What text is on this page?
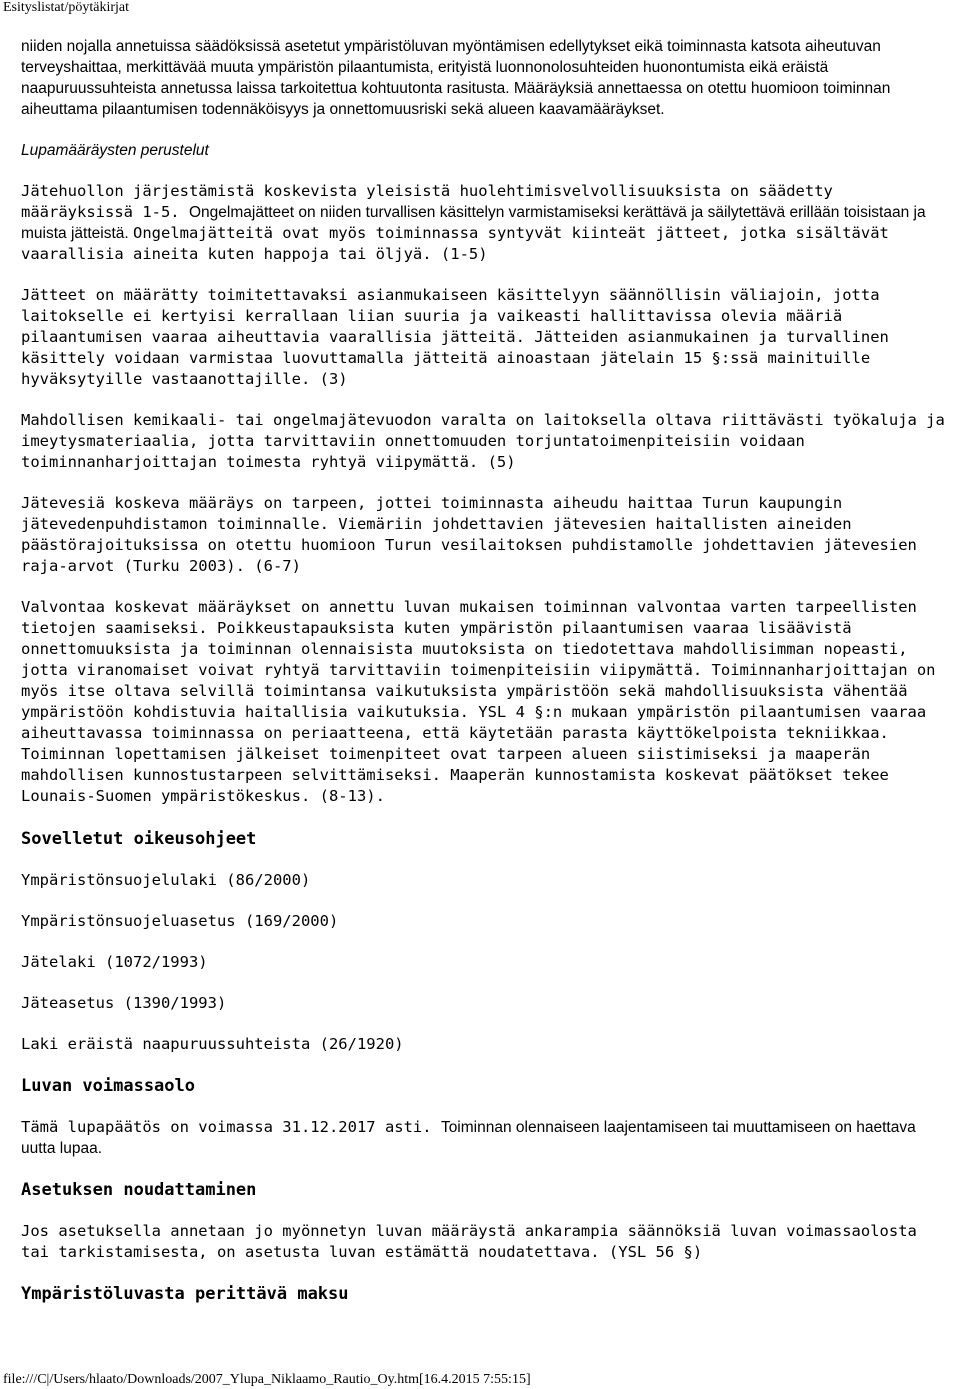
Esityslistat/pöytäkirjat

niiden nojalla annetuissa säädöksissä asetetut ympäristöluvan myöntämisen edellytykset eikä toiminnasta katsota aiheutuvan terveyshaittaa, merkittävää muuta ympäristön pilaantumista, erityistä luonnonolosuhteiden huonontumista eikä eräistä naapuruussuhteista annetussa laissa tarkoitettua kohtuutonta rasitusta. Määräyksiä annettaessa on otettu huomioon toiminnan aiheuttama pilaantumisen todennäköisyys ja onnettomuusriski sekä alueen kaavamääräykset.

Lupamääräysten perustelut

Jätehuollon järjestämistä koskevista yleisistä huolehtimisvelvollisuuksista on säädetty määräyksissä 1-5. Ongelmajätteet on niiden turvallisen käsittelyn varmistamiseksi kerättävä ja säilytettävä erillään toisistaan ja muista jätteistä. Ongelmajätteitä ovat myös toiminnassa syntyvät kiinteät jätteet, jotka sisältävät vaarallisia aineita kuten happoja tai öljyä. (1-5)

Jätteet on määrätty toimitettavaksi asianmukaiseen käsittelyyn säännöllisin väliajoin, jotta laitokselle ei kertyisi kerrallaan liian suuria ja vaikeasti hallittavissa olevia määriä pilaantumisen vaaraa aiheuttavia vaarallisia jätteitä. Jätteiden asianmukainen ja turvallinen käsittely voidaan varmistaa luovuttamalla jätteitä ainoastaan jätelain 15 §:ssä mainituille hyväksytyille vastaanottajille. (3)

Mahdollisen kemikaali- tai ongelmajätevuodon varalta on laitoksella oltava riittävästi työkaluja ja imeytysmateriaalia, jotta tarvittaviin onnettomuuden torjuntatoimenpiteisiin voidaan toiminnanharjoittajan toimesta ryhtyä viipymättä. (5)

Jätevesiä koskeva määräys on tarpeen, jottei toiminnasta aiheudu haittaa Turun kaupungin jätevedenpuhdistamon toiminnalle. Viemäriin johdettavien jätevesien haitallisten aineiden päästörajoituksissa on otettu huomioon Turun vesilaitoksen puhdistamolle johdettavien jätevesien raja-arvot (Turku 2003). (6-7)

Valvontaa koskevat määräykset on annettu luvan mukaisen toiminnan valvontaa varten tarpeellisten tietojen saamiseksi. Poikkeustapauksista kuten ympäristön pilaantumisen vaaraa lisäävistä onnettomuuksista ja toiminnan olennaisista muutoksista on tiedotettava mahdollisimman nopeasti, jotta viranomaiset voivat ryhtyä tarvittaviin toimenpiteisiin viipymättä. Toiminnanharjoittajan on myös itse oltava selvillä toimintansa vaikutuksista ympäristöön sekä mahdollisuuksista vähentää ympäristöön kohdistuvia haitallisia vaikutuksia. YSL 4 §:n mukaan ympäristön pilaantumisen vaaraa aiheuttavassa toiminnassa on periaatteena, että käytetään parasta käyttökelpoista tekniikkaa. Toiminnan lopettamisen jälkeiset toimenpiteet ovat tarpeen alueen siistimiseksi ja maaperän mahdollisen kunnostustarpeen selvittämiseksi. Maaperän kunnostamista koskevat päätökset tekee Lounais-Suomen ympäristökeskus. (8-13).

Sovelletut oikeusohjeet

Ympäristönsuojelulaki (86/2000)

Ympäristönsuojeluasetus (169/2000)

Jätelaki (1072/1993)

Jäteasetus (1390/1993)

Laki eräistä naapuruussuhteista (26/1920)

Luvan voimassaolo

Tämä lupapäätös on voimassa 31.12.2017 asti. Toiminnan olennaiseen laajentamiseen tai muuttamiseen on haettava uutta lupaa.

Asetuksen noudattaminen

Jos asetuksella annetaan jo myönnetyn luvan määräystä ankarampia säännöksiä luvan voimassaolosta tai tarkistamisesta, on asetusta luvan estämättä noudatettava. (YSL 56 §)

Ympäristöluvasta perittävä maksu
file:///C|/Users/hlaato/Downloads/2007_Ylupa_Niklaamo_Rautio_Oy.htm[16.4.2015 7:55:15]
